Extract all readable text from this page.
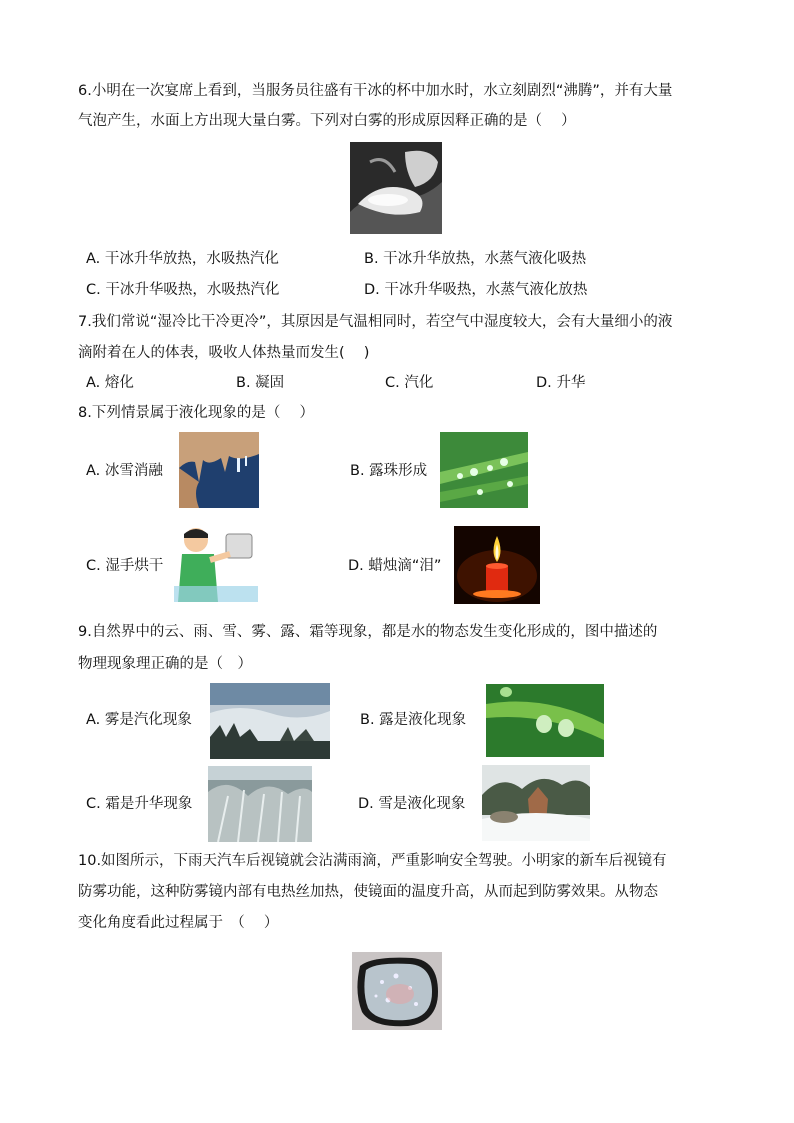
6.小明在一次宴席上看到，当服务员往盛有干冰的杯中加水时，水立刻剧烈“沸腾”，并有大量
气泡产生，水面上方出现大量白雾。下列对白雾的形成原因释正确的是（　 ）
A. 干冰升华放热，水吸热汽化	B. 干冰升华放热，水蒸气液化吸热
C. 干冰升华吸热，水吸热汽化	D. 干冰升华吸热，水蒸气液化放热
7.我们常说“湿冷比干冷更冷”，其原因是气温相同时，若空气中湿度较大，会有大量细小的液
滴附着在人的体表，吸收人体热量而发生(　 )
A. 熔化	B. 凝固	C. 汽化	D. 升华
8.下列情景属于液化现象的是（　 ）
A. 冰雪消融	B. 露珠形成
C. 湿手烘干	D. 蜡烛滴“泪”
9.自然界中的云、雨、雪、雾、露、霜等现象，都是水的物态发生变化形成的，图中描述的
物理现象理正确的是（　）
A. 雾是汽化现象	B. 露是液化现象
C. 霜是升华现象	D. 雪是液化现象
10.如图所示，下雨天汽车后视镜就会沾满雨滴，严重影响安全驾驶。小明家的新车后视镜有
防雾功能，这种防雾镜内部有电热丝加热，使镜面的温度升高，从而起到防雾效果。从物态
变化角度看此过程属于　（　 ）
